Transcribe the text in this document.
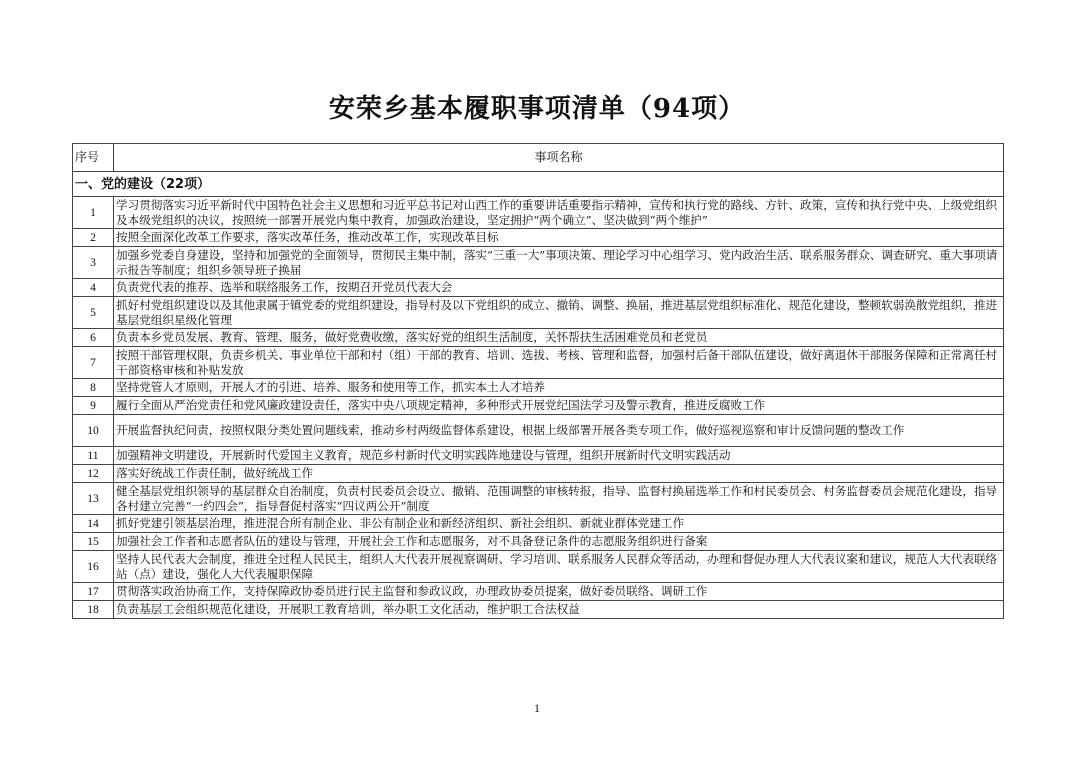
安荣乡基本履职事项清单（94项）
序号	事项名称
一、党的建设（22项）	
1	学习贯彻落实习近平新时代中国特色社会主义思想和习近平总书记对山西工作的重要讲话重要指示精神，宣传和执行党的路线、方针、政策，宣传和执行党中央、上级党组织及本级党组织的决议，按照统一部署开展党内集中教育，加强政治建设，坚定拥护“两个确立”、坚决做到“两个维护”
2	按照全面深化改革工作要求，落实改革任务，推动改革工作，实现改革目标
3	加强乡党委自身建设，坚持和加强党的全面领导，贯彻民主集中制，落实“三重一大”事项决策、理论学习中心组学习、党内政治生活、联系服务群众、调查研究、重大事项请示报告等制度；组织乡领导班子换届
4	负责党代表的推荐、选举和联络服务工作，按期召开党员代表大会
5	抓好村党组织建设以及其他隶属于镇党委的党组织建设，指导村及以下党组织的成立、撤销、调整、换届，推进基层党组织标准化、规范化建设，整顿软弱涣散党组织，推进基层党组织星级化管理
6	负责本乡党员发展、教育、管理、服务，做好党费收缴，落实好党的组织生活制度，关怀帮扶生活困难党员和老党员
7	按照干部管理权限，负责乡机关、事业单位干部和村（组）干部的教育、培训、选拔、考核、管理和监督，加强村后备干部队伍建设，做好离退休干部服务保障和正常离任村干部资格审核和补贴发放
8	坚持党管人才原则，开展人才的引进、培养、服务和使用等工作，抓实本土人才培养
9	履行全面从严治党责任和党风廉政建设责任，落实中央八项规定精神，多种形式开展党纪国法学习及警示教育，推进反腐败工作
10	开展监督执纪问责，按照权限分类处置问题线索，推动乡村两级监督体系建设，根据上级部署开展各类专项工作，做好巡视巡察和审计反馈问题的整改工作
11	加强精神文明建设，开展新时代爱国主义教育，规范乡村新时代文明实践阵地建设与管理，组织开展新时代文明实践活动
12	落实好统战工作责任制，做好统战工作
13	健全基层党组织领导的基层群众自治制度，负责村民委员会设立、撤销、范围调整的审核转报，指导、监督村换届选举工作和村民委员会、村务监督委员会规范化建设，指导各村建立完善“一约四会”，指导督促村落实“四议两公开”制度
14	抓好党建引领基层治理，推进混合所有制企业、非公有制企业和新经济组织、新社会组织、新就业群体党建工作
15	加强社会工作者和志愿者队伍的建设与管理，开展社会工作和志愿服务，对不具备登记条件的志愿服务组织进行备案
16	坚持人民代表大会制度，推进全过程人民民主，组织人大代表开展视察调研、学习培训、联系服务人民群众等活动，办理和督促办理人大代表议案和建议，规范人大代表联络站（点）建设，强化人大代表履职保障
17	贯彻落实政治协商工作，支持保障政协委员进行民主监督和参政议政，办理政协委员提案，做好委员联络、调研工作
18	负责基层工会组织规范化建设，开展职工教育培训，举办职工文化活动，维护职工合法权益
1
